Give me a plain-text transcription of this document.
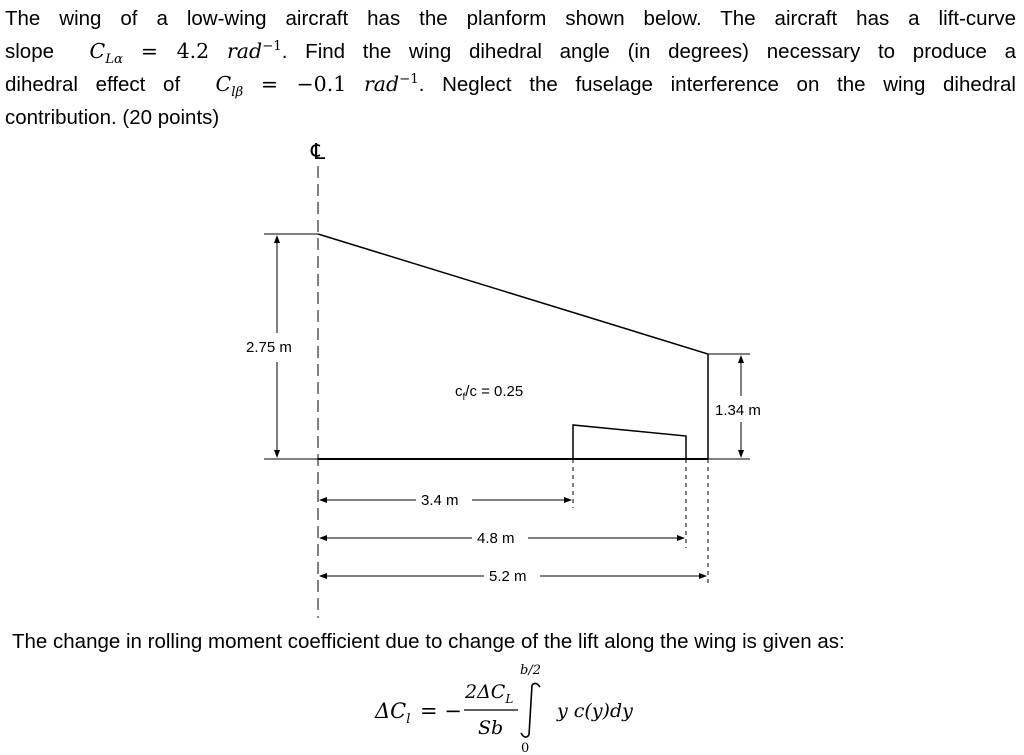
The wing of a low-wing aircraft has the planform shown below. The aircraft has a lift-curve
slope $C_{L\alpha} = 4.2$ rad$^{-1}$. Find the wing dihedral angle (in degrees) necessary to produce a
dihedral effect of $C_{l\beta} = -0.1$ rad$^{-1}$. Neglect the fuselage interference on the wing dihedral
contribution. (20 points)
℄
2.75 m
1.34 m
$c_f/c = 0.25$
3.4 m
4.8 m
5.2 m
The change in rolling moment coefficient due to change of the lift along the wing is given as:
$\Delta C_l$ = −
$2\Delta C_L$
Sb
b/2
0
y c(y)dy
